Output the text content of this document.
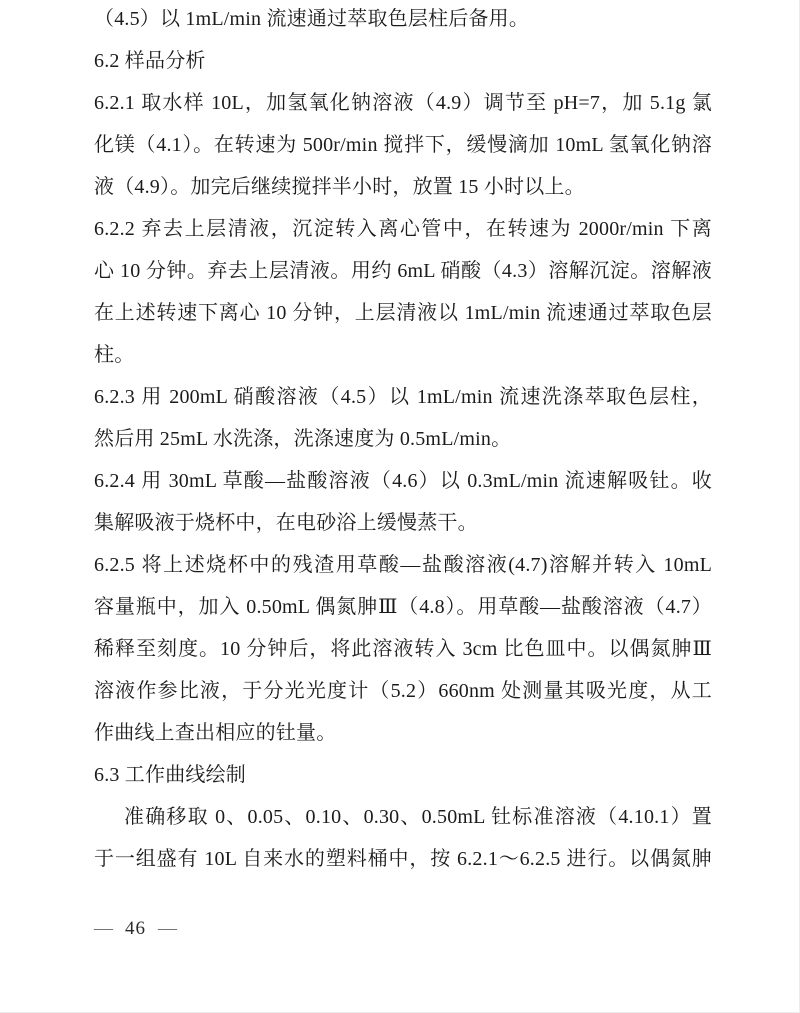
（4.5）以 1mL/min 流速通过萃取色层柱后备用。
6.2 样品分析
6.2.1 取水样 10L，加氢氧化钠溶液（4.9）调节至 pH=7，加 5.1g 氯
化镁（4.1）。在转速为 500r/min 搅拌下，缓慢滴加 10mL 氢氧化钠溶
液（4.9）。加完后继续搅拌半小时，放置 15 小时以上。
6.2.2 弃去上层清液，沉淀转入离心管中，在转速为 2000r/min 下离
心 10 分钟。弃去上层清液。用约 6mL 硝酸（4.3）溶解沉淀。溶解液
在上述转速下离心 10 分钟，上层清液以 1mL/min 流速通过萃取色层
柱。
6.2.3 用 200mL 硝酸溶液（4.5）以 1mL/min 流速洗涤萃取色层柱，
然后用 25mL 水洗涤，洗涤速度为 0.5mL/min。
6.2.4 用 30mL 草酸—盐酸溶液（4.6）以 0.3mL/min 流速解吸钍。收
集解吸液于烧杯中，在电砂浴上缓慢蒸干。
6.2.5 将上述烧杯中的残渣用草酸—盐酸溶液(4.7)溶解并转入 10mL
容量瓶中，加入 0.50mL 偶氮胂Ⅲ（4.8）。用草酸—盐酸溶液（4.7）
稀释至刻度。10 分钟后，将此溶液转入 3cm 比色皿中。以偶氮胂Ⅲ
溶液作参比液，于分光光度计（5.2）660nm 处测量其吸光度，从工
作曲线上查出相应的钍量。
6.3 工作曲线绘制
准确移取 0、0.05、0.10、0.30、0.50mL 钍标准溶液（4.10.1）置
于一组盛有 10L 自来水的塑料桶中，按 6.2.1～6.2.5 进行。以偶氮胂
— 46 —
